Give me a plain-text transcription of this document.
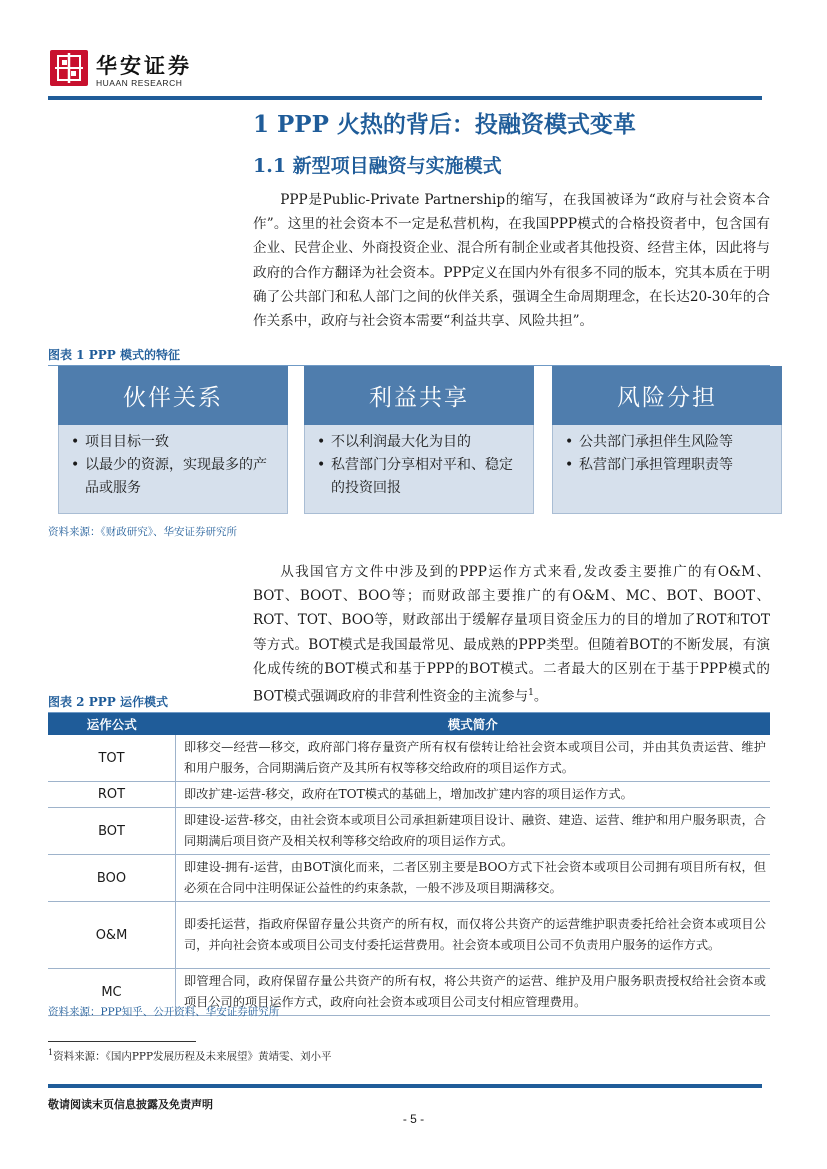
华安证券
HUAAN RESEARCH
1 PPP 火热的背后：投融资模式变革
1.1 新型项目融资与实施模式

PPP是Public-Private Partnership的缩写，在我国被译为“政府与社会资本合作”。这里的社会资本不一定是私营机构，在我国PPP模式的合格投资者中，包含国有企业、民营企业、外商投资企业、混合所有制企业或者其他投资、经营主体，因此将与政府的合作方翻译为社会资本。PPP定义在国内外有很多不同的版本，究其本质在于明确了公共部门和私人部门之间的伙伴关系，强调全生命周期理念，在长达20-30年的合作关系中，政府与社会资本需要“利益共享、风险共担”。

图表 1 PPP 模式的特征
伙伴关系
• 项目目标一致
• 以最少的资源，实现最多的产品或服务
利益共享
• 不以利润最大化为目的
• 私营部门分享相对平和、稳定的投资回报
风险分担
• 公共部门承担伴生风险等
• 私营部门承担管理职责等
资料来源：《财政研究》、华安证券研究所

从我国官方文件中涉及到的PPP运作方式来看,发改委主要推广的有O&M、BOT、BOOT、BOO等；而财政部主要推广的有O&M、MC、BOT、BOOT、ROT、TOT、BOO等，财政部出于缓解存量项目资金压力的目的增加了ROT和TOT等方式。BOT模式是我国最常见、最成熟的PPP类型。但随着BOT的不断发展，有演化成传统的BOT模式和基于PPP的BOT模式。二者最大的区别在于基于PPP模式的BOT模式强调政府的非营利性资金的主流参与$^1$。

图表 2 PPP 运作模式
运作公式	模式简介
TOT	即移交—经营—移交，政府部门将存量资产所有权有偿转让给社会资本或项目公司，并由其负责运营、维护和用户服务，合同期满后资产及其所有权等移交给政府的项目运作方式。
ROT	即改扩建-运营-移交，政府在TOT模式的基础上，增加改扩建内容的项目运作方式。
BOT	即建设-运营-移交，由社会资本或项目公司承担新建项目设计、融资、建造、运营、维护和用户服务职责，合同期满后项目资产及相关权利等移交给政府的项目运作方式。
BOO	即建设-拥有-运营，由BOT演化而来，二者区别主要是BOO方式下社会资本或项目公司拥有项目所有权，但必须在合同中注明保证公益性的约束条款，一般不涉及项目期满移交。
O&M	即委托运营，指政府保留存量公共资产的所有权，而仅将公共资产的运营维护职责委托给社会资本或项目公司，并向社会资本或项目公司支付委托运营费用。社会资本或项目公司不负责用户服务的运作方式。
MC	即管理合同，政府保留存量公共资产的所有权，将公共资产的运营、维护及用户服务职责授权给社会资本或项目公司的项目运作方式，政府向社会资本或项目公司支付相应管理费用。
资料来源：PPP知乎、公开资料、华安证券研究所
$^1$资料来源：《国内PPP发展历程及未来展望》黄靖雯、刘小平
敬请阅读末页信息披露及免责声明
- 5 -
